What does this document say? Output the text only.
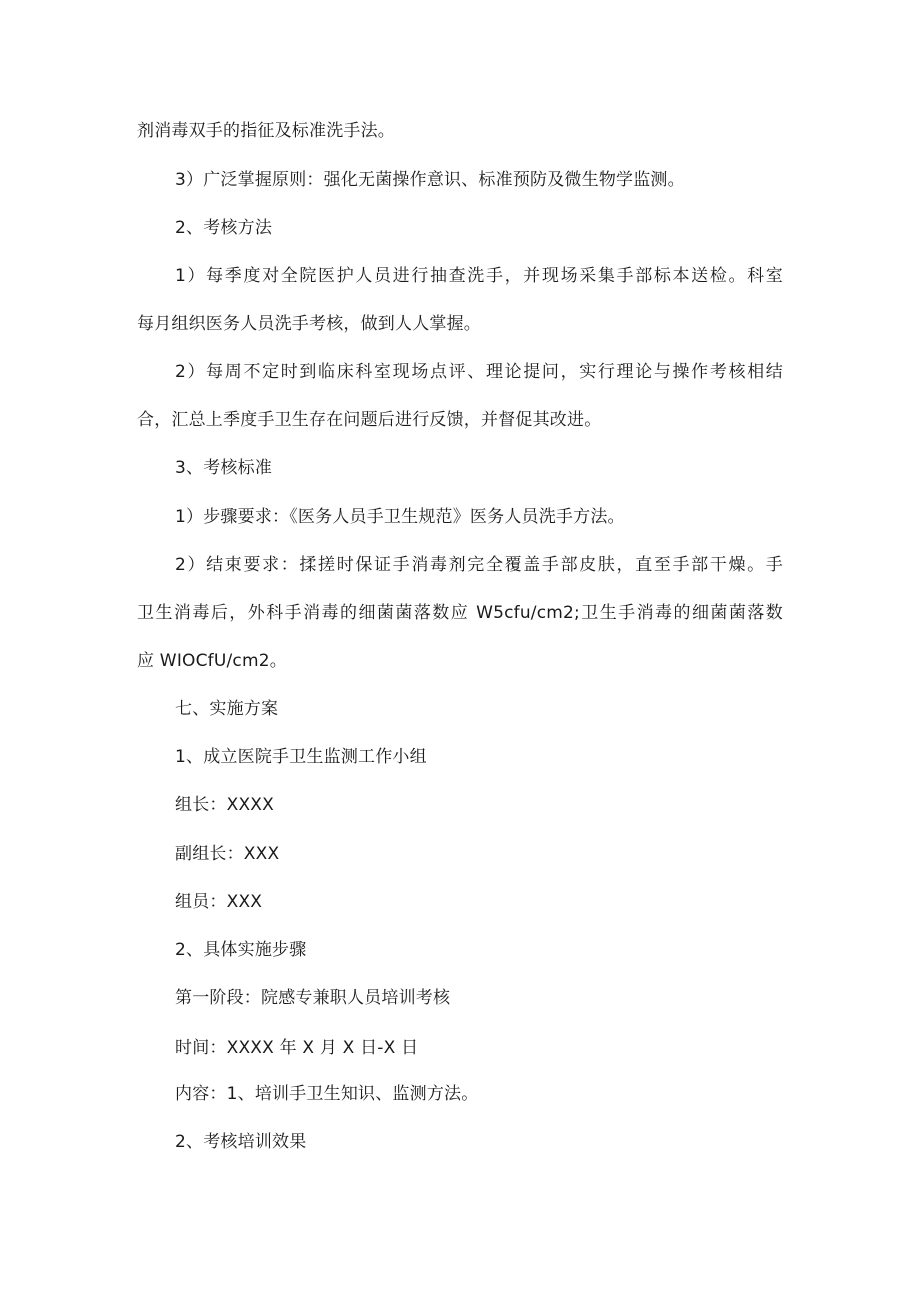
剂消毒双手的指征及标准洗手法。
3）广泛掌握原则：强化无菌操作意识、标准预防及微生物学监测。
2、考核方法
1）每季度对全院医护人员进行抽查洗手，并现场采集手部标本送检。科室
每月组织医务人员洗手考核，做到人人掌握。
2）每周不定时到临床科室现场点评、理论提问，实行理论与操作考核相结
合，汇总上季度手卫生存在问题后进行反馈，并督促其改进。
3、考核标准
1）步骤要求：《医务人员手卫生规范》医务人员洗手方法。
2）结束要求：揉搓时保证手消毒剂完全覆盖手部皮肤，直至手部干燥。手
卫生消毒后，外科手消毒的细菌菌落数应 W5cfu∕cm2;卫生手消毒的细菌菌落数
应 WIOCfU/cm2。
七、实施方案
1、成立医院手卫生监测工作小组
组长：XXXX
副组长：XXX
组员：XXX
2、具体实施步骤
第一阶段：院感专兼职人员培训考核
时间：XXXX 年 X 月 X 日-X 日
内容：1、培训手卫生知识、监测方法。
2、考核培训效果
